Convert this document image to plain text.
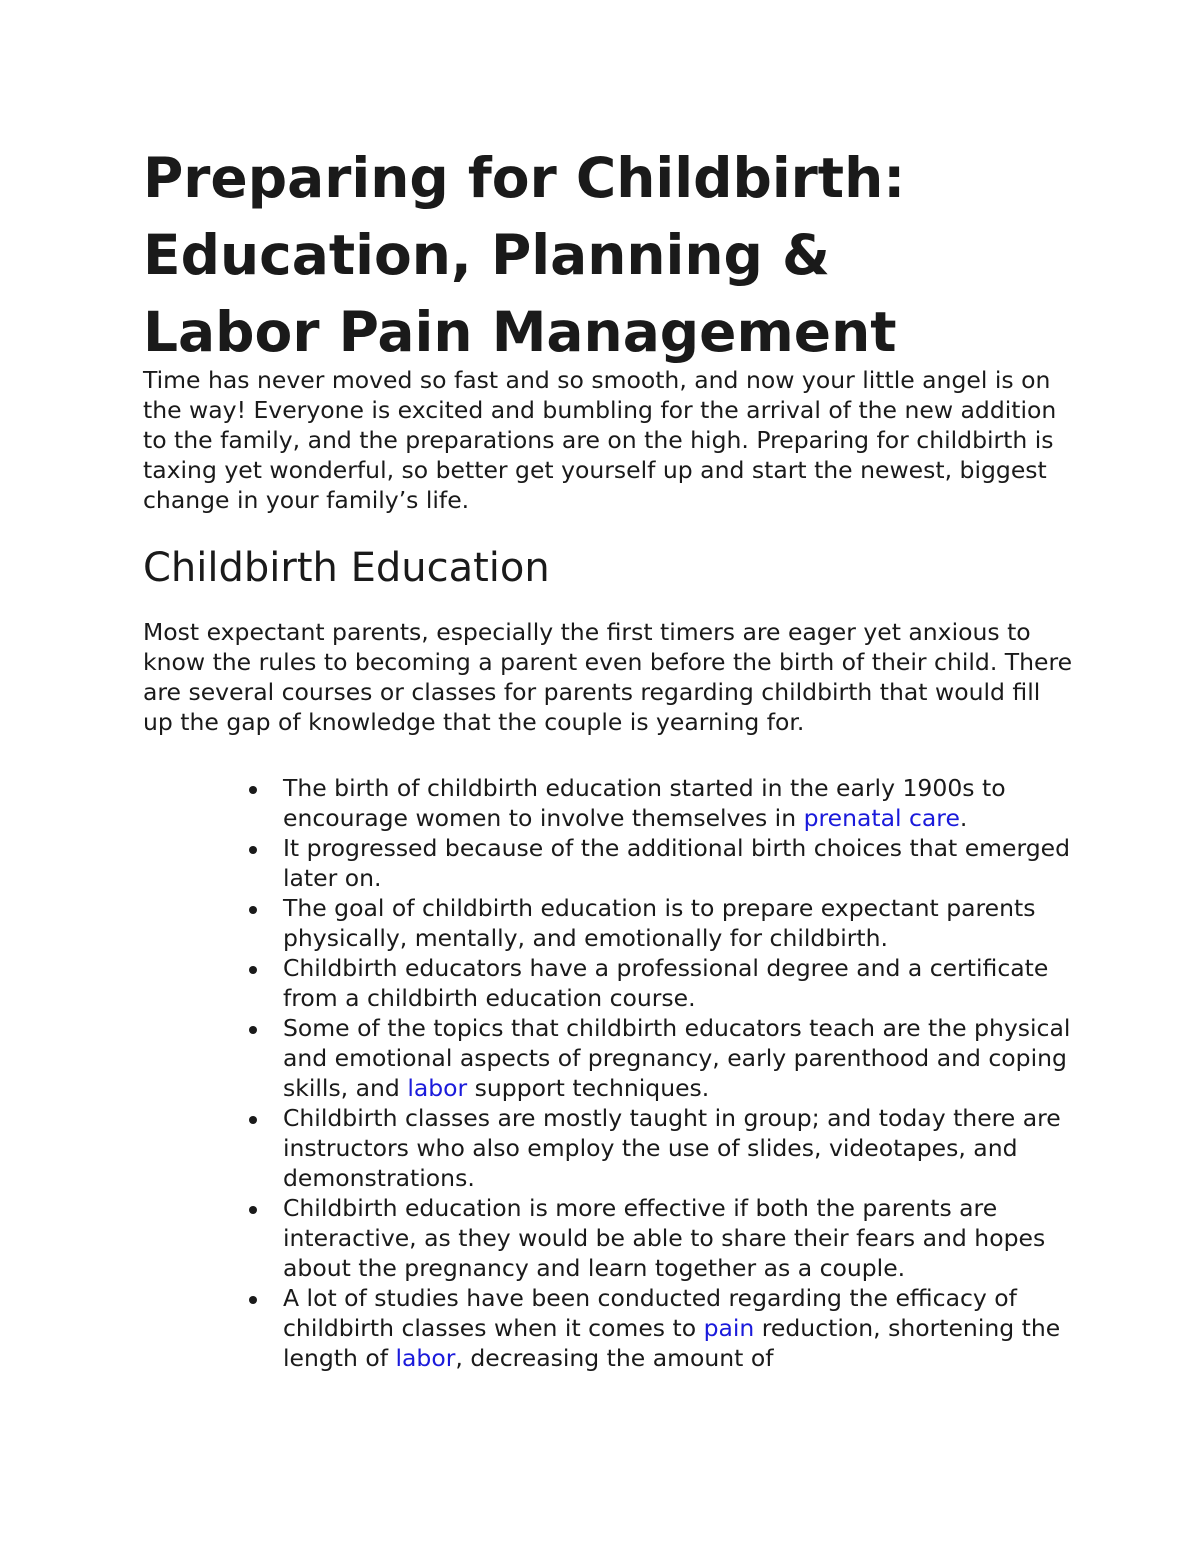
Preparing for Childbirth:
Education, Planning &
Labor Pain Management

Time has never moved so fast and so smooth, and now your little angel is on the way! Everyone is excited and bumbling for the arrival of the new addition to the family, and the preparations are on the high. Preparing for childbirth is taxing yet wonderful, so better get yourself up and start the newest, biggest change in your family’s life.

Childbirth Education

Most expectant parents, especially the first timers are eager yet anxious to know the rules to becoming a parent even before the birth of their child. There are several courses or classes for parents regarding childbirth that would fill up the gap of knowledge that the couple is yearning for.

The birth of childbirth education started in the early 1900s to encourage women to involve themselves in prenatal care.
It progressed because of the additional birth choices that emerged later on.
The goal of childbirth education is to prepare expectant parents physically, mentally, and emotionally for childbirth.
Childbirth educators have a professional degree and a certificate from a childbirth education course.
Some of the topics that childbirth educators teach are the physical and emotional aspects of pregnancy, early parenthood and coping skills, and labor support techniques.
Childbirth classes are mostly taught in group; and today there are instructors who also employ the use of slides, videotapes, and demonstrations.
Childbirth education is more effective if both the parents are interactive, as they would be able to share their fears and hopes about the pregnancy and learn together as a couple.
A lot of studies have been conducted regarding the efficacy of childbirth classes when it comes to pain reduction, shortening the length of labor, decreasing the amount of
